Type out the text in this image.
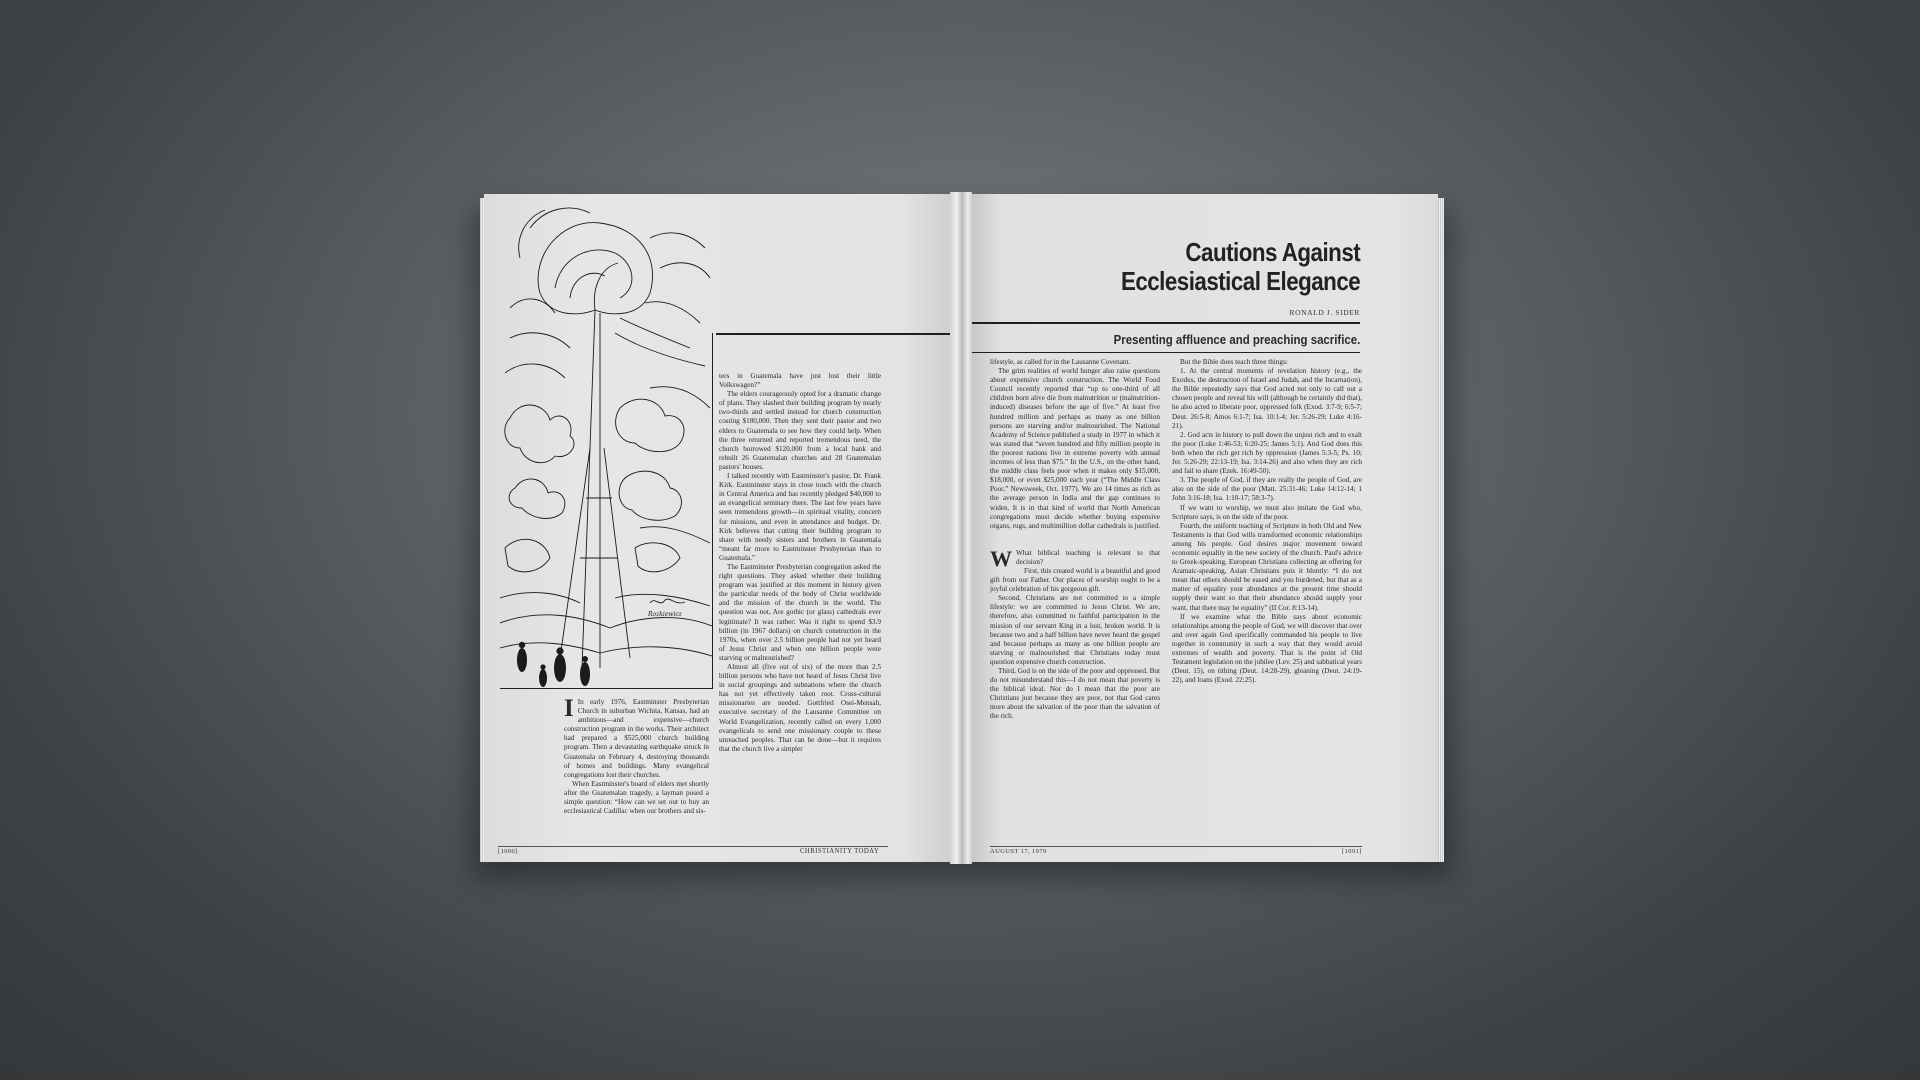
Rozkiewicz

I In early 1976, Eastminster Presbyterian Church in suburban Wichita, Kansas, had an ambitious—and expensive—church construction program in the works. Their architect had prepared a $525,000 church building program. Then a devastating earthquake struck in Guatemala on February 4, destroying thousands of homes and buildings. Many evangelical congregations lost their churches.

When Eastminster's board of elders met shortly after the Guatemalan tragedy, a layman posed a simple question: “How can we set out to buy an ecclesiastical Cadillac when our brothers and sis-

ters in Guatemala have just lost their little Volkswagen?”

The elders courageously opted for a dramatic change of plans. They slashed their building program by nearly two-thirds and settled instead for church construction costing $180,000. Then they sent their pastor and two elders to Guatemala to see how they could help. When the three returned and reported tremendous need, the church borrowed $120,000 from a local bank and rebuilt 26 Guatemalan churches and 28 Guatemalan pastors' houses.

I talked recently with Eastminster's pastor, Dr. Frank Kirk. Eastminster stays in close touch with the church in Central America and has recently pledged $40,000 to an evangelical seminary there. The last few years have seen tremendous growth—in spiritual vitality, concern for missions, and even in attendance and budget. Dr. Kirk believes that cutting their building program to share with needy sisters and brothers in Guatemala “meant far more to Eastminster Presbyterian than to Guatemala.”

The Eastminster Presbyterian congregation asked the right questions. They asked whether their building program was justified at this moment in history given the particular needs of the body of Christ worldwide and the mission of the church in the world. The question was not, Are gothic (or glass) cathedrals ever legitimate? It was rather: Was it right to spend $3.9 billion (in 1967 dollars) on church construction in the 1970s, when over 2.5 billion people had not yet heard of Jesus Christ and when one billion people were starving or malnourished?

Almost all (five out of six) of the more than 2.5 billion persons who have not heard of Jesus Christ live in social groupings and subnations where the church has not yet effectively taken root. Cross-cultural missionaries are needed. Gottfried Osei-Mensah, executive secretary of the Lausanne Committee on World Evangelization, recently called on every 1,000 evangelicals to send one missionary couple to these unreached peoples. That can be done—but it requires that the church live a simpler

[1090]	CHRISTIANITY TODAY
Cautions Against
Ecclesiastical Elegance
RONALD J. SIDER
Presenting affluence and preaching sacrifice.

lifestyle, as called for in the Lausanne Covenant.

The grim realities of world hunger also raise questions about expensive church construction. The World Food Council recently reported that “up to one-third of all children born alive die from malnutrition or (malnutrition-induced) diseases before the age of five.” At least five hundred million and perhaps as many as one billion persons are starving and/or malnourished. The National Academy of Science published a study in 1977 in which it was stated that “seven hundred and fifty million people in the poorest nations live in extreme poverty with annual incomes of less than $75.” In the U.S., on the other hand, the middle class feels poor when it makes only $15,000, $18,000, or even $25,000 each year (“The Middle Class Poor,” Newsweek, Oct. 1977). We are 14 times as rich as the average person in India and the gap continues to widen. It is in that kind of world that North American congregations must decide whether buying expensive organs, rugs, and multimillion dollar cathedrals is justified.

W What biblical teaching is relevant to that decision?

First, this created world is a beautiful and good gift from our Father. Our places of worship ought to be a joyful celebration of his gorgeous gift.

Second, Christians are not committed to a simple lifestyle: we are committed to Jesus Christ. We are, therefore, also committed to faithful participation in the mission of our servant King in a lost, broken world. It is because two and a half billion have never heard the gospel and because perhaps as many as one billion people are starving or malnourished that Christians today must question expensive church construction.

Third, God is on the side of the poor and oppressed. But do not misunderstand this—I do not mean that poverty is the biblical ideal. Nor do I mean that the poor are Christians just because they are poor, not that God cares more about the salvation of the poor than the salvation of the rich.

But the Bible does teach three things:

1. At the central moments of revelation history (e.g., the Exodus, the destruction of Israel and Judah, and the Incarnation), the Bible repeatedly says that God acted not only to call out a chosen people and reveal his will (although he certainly did that), he also acted to liberate poor, oppressed folk (Exod. 3:7-9; 6:5-7; Deut. 26:5-8; Amos 6:1-7; Isa. 10:1-4; Jer. 5:26-29; Luke 4:16-21).

2. God acts in history to pull down the unjust rich and to exalt the poor (Luke 1:46-53; 6:20-25; James 5:1). And God does this both when the rich get rich by oppression (James 5:3-5; Ps. 10; Jer. 5:26-29; 22:13-19; Isa. 3:14-26) and also when they are rich and fail to share (Ezek. 16:49-50).

3. The people of God, if they are really the people of God, are also on the side of the poor (Matt. 25:31-46; Luke 14:12-14; 1 John 3:16-18; Isa. 1:10-17; 58:3-7).

If we want to worship, we must also imitate the God who, Scripture says, is on the side of the poor.

Fourth, the uniform teaching of Scripture in both Old and New Testaments is that God wills transformed economic relationships among his people. God desires major movement toward economic equality in the new society of the church. Paul's advice to Greek-speaking, European Christians collecting an offering for Aramaic-speaking, Asian Christians puts it bluntly: “I do not mean that others should be eased and you burdened, but that as a matter of equality your abundance at the present time should supply their want so that their abundance should supply your want, that there may be equality” (II Cor. 8:13-14).

If we examine what the Bible says about economic relationships among the people of God, we will discover that over and over again God specifically commanded his people to live together in community in such a way that they would avoid extremes of wealth and poverty. That is the point of Old Testament legislation on the jubilee (Lev. 25) and sabbatical years (Deut. 15), on tithing (Deut. 14:28-29), gleaning (Deut. 24:19-22), and loans (Exod. 22:25).

AUGUST 17, 1979	[1091]
